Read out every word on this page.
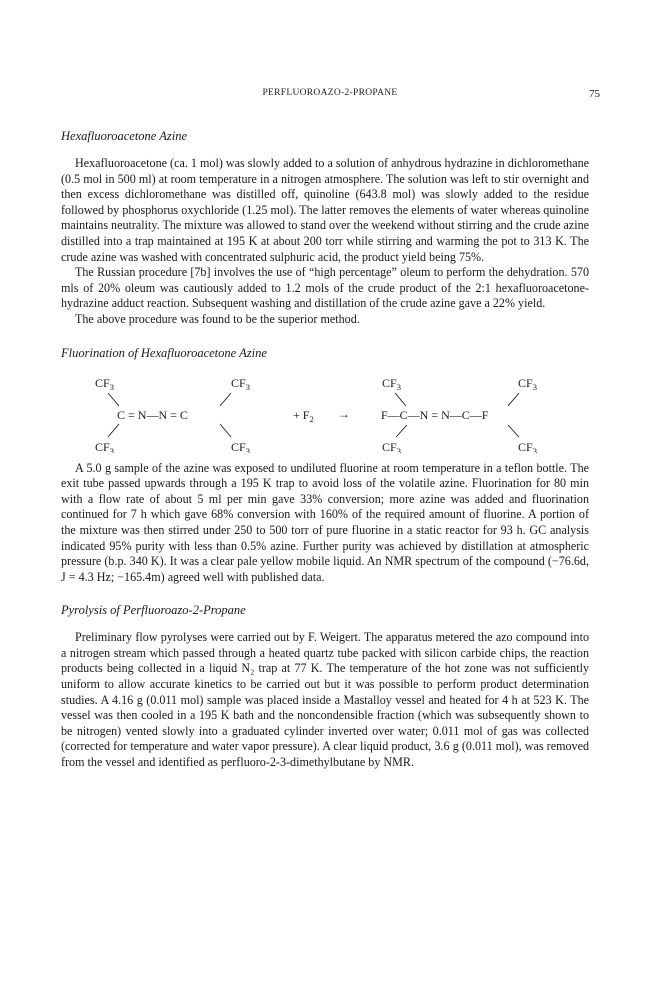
PERFLUOROAZO-2-PROPANE	75
Hexafluoroacetone Azine

Hexafluoroacetone (ca. 1 mol) was slowly added to a solution of anhydrous hydrazine in dichloromethane (0.5 mol in 500 ml) at room temperature in a nitrogen atmosphere. The solution was left to stir overnight and then excess dichloromethane was distilled off, quinoline (643.8 mol) was slowly added to the residue followed by phosphorus oxychloride (1.25 mol). The latter removes the elements of water whereas quinoline maintains neutrality. The mixture was allowed to stand over the weekend without stirring and the crude azine distilled into a trap maintained at 195 K at about 200 torr while stirring and warming the pot to 313 K. The crude azine was washed with concentrated sulphuric acid, the product yield being 75%.

The Russian procedure [7b] involves the use of “high percentage” oleum to perform the dehydration. 570 mls of 20% oleum was cautiously added to 1.2 mols of the crude product of the 2:1 hexafluoroacetone-hydrazine adduct reaction. Subsequent washing and distillation of the crude azine gave a 22% yield.

The above procedure was found to be the superior method.

Fluorination of Hexafluoroacetone Azine
$CF_3$	$CF_3$
C = N—N = C
$CF_3$	$CF_3$
+ $F_2$ →
$CF_3$	$CF_3$
F—C—N = N—C—F
$CF_3$	$CF_3$

A 5.0 g sample of the azine was exposed to undiluted fluorine at room temperature in a teflon bottle. The exit tube passed upwards through a 195 K trap to avoid loss of the volatile azine. Fluorination for 80 min with a flow rate of about 5 ml per min gave 33% conversion; more azine was added and fluorination continued for 7 h which gave 68% conversion with 160% of the required amount of fluorine. A portion of the mixture was then stirred under 250 to 500 torr of pure fluorine in a static reactor for 93 h. GC analysis indicated 95% purity with less than 0.5% azine. Further purity was achieved by distillation at atmospheric pressure (b.p. 340 K). It was a clear pale yellow mobile liquid. An NMR spectrum of the compound (−76.6d, J = 4.3 Hz; −165.4m) agreed well with published data.

Pyrolysis of Perfluoroazo-2-Propane

Preliminary flow pyrolyses were carried out by F. Weigert. The apparatus metered the azo compound into a nitrogen stream which passed through a heated quartz tube packed with silicon carbide chips, the reaction products being collected in a liquid N₂ trap at 77 K. The temperature of the hot zone was not sufficiently uniform to allow accurate kinetics to be carried out but it was possible to perform product determination studies. A 4.16 g (0.011 mol) sample was placed inside a Mastalloy vessel and heated for 4 h at 523 K. The vessel was then cooled in a 195 K bath and the noncondensible fraction (which was subsequently shown to be nitrogen) vented slowly into a graduated cylinder inverted over water; 0.011 mol of gas was collected (corrected for temperature and water vapor pressure). A clear liquid product, 3.6 g (0.011 mol), was removed from the vessel and identified as perfluoro-2-3-dimethylbutane by NMR.
